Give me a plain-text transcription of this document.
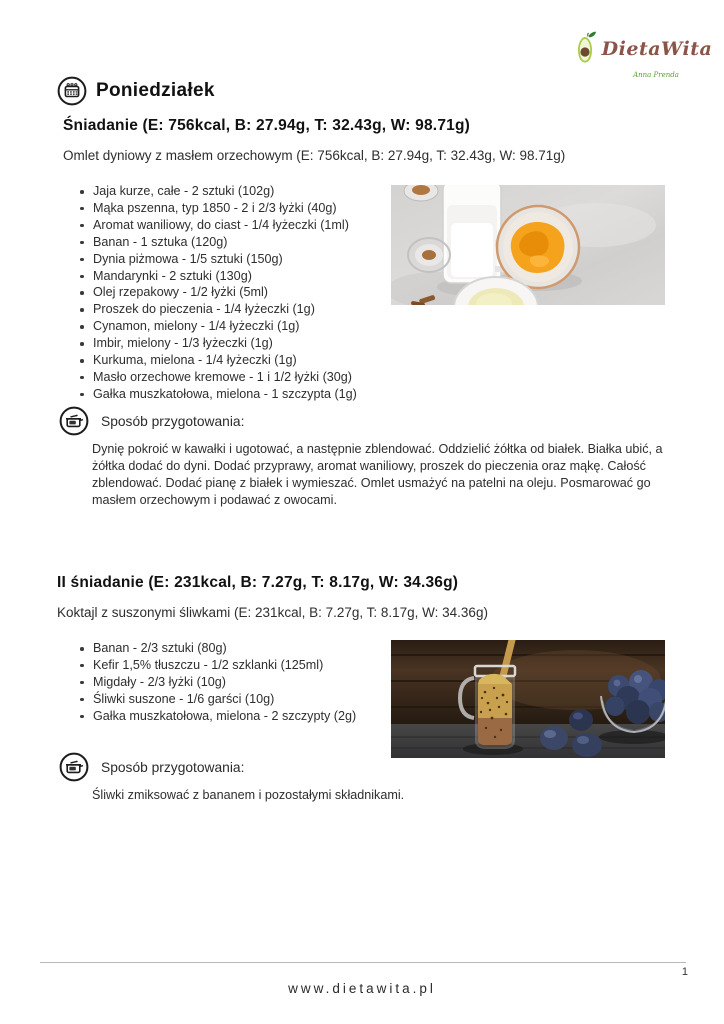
DietaWita
Anna Prenda
Poniedziałek
Śniadanie (E: 756kcal, B: 27.94g, T: 32.43g, W: 98.71g)
Omlet dyniowy z masłem orzechowym (E: 756kcal, B: 27.94g, T: 32.43g, W: 98.71g)
Jaja kurze, całe - 2 sztuki (102g)
Mąka pszenna, typ 1850 - 2 i 2/3 łyżki (40g)
Aromat waniliowy, do ciast - 1/4 łyżeczki (1ml)
Banan - 1 sztuka (120g)
Dynia piżmowa - 1/5 sztuki (150g)
Mandarynki - 2 sztuki (130g)
Olej rzepakowy - 1/2 łyżki (5ml)
Proszek do pieczenia - 1/4 łyżeczki (1g)
Cynamon, mielony - 1/4 łyżeczki (1g)
Imbir, mielony - 1/3 łyżeczki (1g)
Kurkuma, mielona - 1/4 łyżeczki (1g)
Masło orzechowe kremowe - 1 i 1/2 łyżki (30g)
Gałka muszkatołowa, mielona - 1 szczypta (1g)
Sposób przygotowania:
Dynię pokroić w kawałki i ugotować, a następnie zblendować. Oddzielić żółtka od białek. Białka ubić, a żółtka dodać do dyni. Dodać przyprawy, aromat waniliowy, proszek do pieczenia oraz mąkę. Całość zblendować. Dodać pianę z białek i wymieszać. Omlet usmażyć na patelni na oleju. Posmarować go masłem orzechowym i podawać z owocami.
II śniadanie (E: 231kcal, B: 7.27g, T: 8.17g, W: 34.36g)
Koktajl z suszonymi śliwkami (E: 231kcal, B: 7.27g, T: 8.17g, W: 34.36g)
Banan - 2/3 sztuki (80g)
Kefir 1,5% tłuszczu - 1/2 szklanki (125ml)
Migdały - 2/3 łyżki (10g)
Śliwki suszone - 1/6 garści (10g)
Gałka muszkatołowa, mielona - 2 szczypty (2g)
Sposób przygotowania:
Śliwki zmiksować z bananem i pozostałymi składnikami.
1
www.dietawita.pl
